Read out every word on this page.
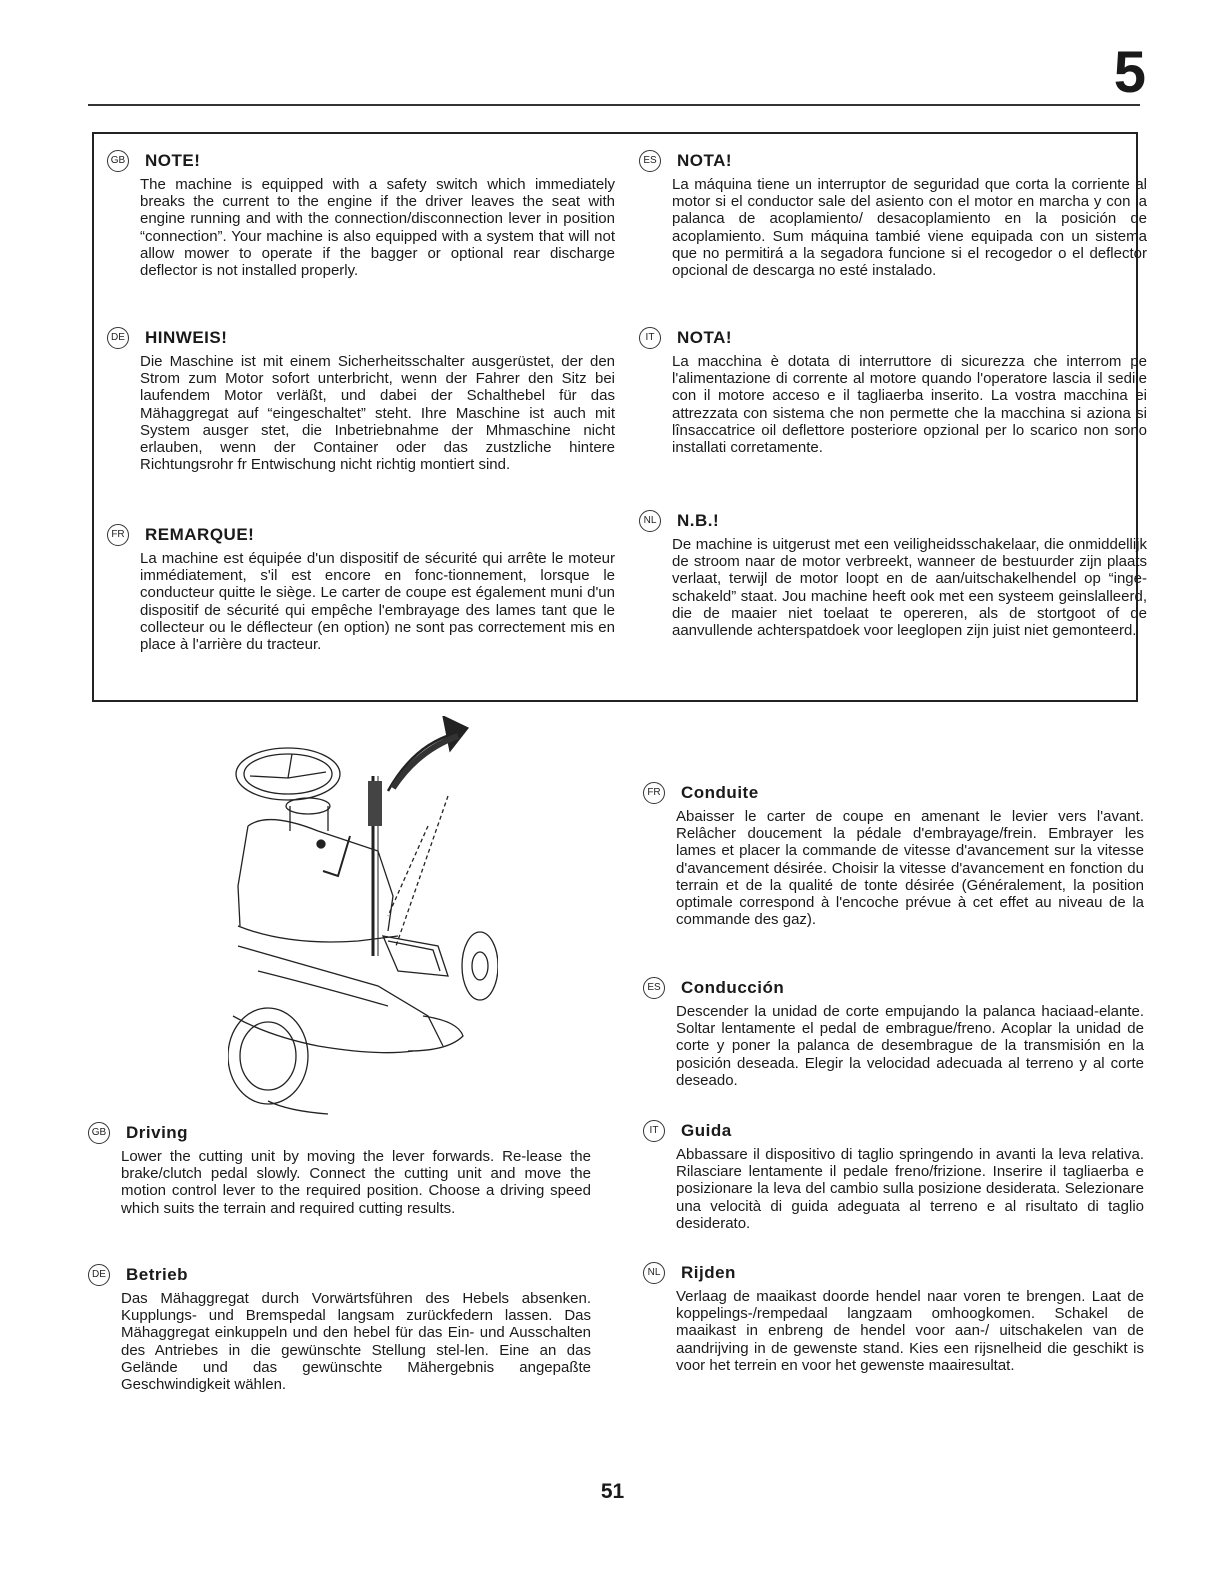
5
GB NOTE!

The machine is equipped with a safety switch which immediately breaks the current to the engine if the driver leaves the seat with engine running and with the connection/disconnection lever in position “connection”. Your machine is also equipped with a system that will not allow mower to operate if the bagger or optional rear discharge deflector is not installed properly.

DE HINWEIS!

Die Maschine ist mit einem Sicherheitsschalter ausgerüstet, der den Strom zum Motor sofort unterbricht, wenn der Fahrer den Sitz bei laufendem Motor verläßt, und dabei der Schalthebel für das Mähaggregat auf “eingeschaltet” steht. Ihre Maschine ist auch mit System ausger stet, die Inbetriebnahme der Mhmaschine nicht erlauben, wenn der Container oder das zustzliche hintere Richtungsrohr fr Entwischung nicht richtig montiert sind.

FR REMARQUE!

La machine est équipée d'un dispositif de sécurité qui arrête le moteur immédiatement, s'il est encore en fonc-tionnement, lorsque le conducteur quitte le siège. Le carter de coupe est également muni d'un dispositif de sécurité qui empêche l'embrayage des lames tant que le collecteur ou le déflecteur (en option) ne sont pas correctement mis en place à l'arrière du tracteur.

ES NOTA!

La máquina tiene un interruptor de seguridad que corta la corriente al motor si el conductor sale del asiento con el motor en marcha y con la palanca de acoplamiento/ desacoplamiento en la posición de acoplamiento. Sum máquina tambié viene equipada con un sistema que no permitirá a la segadora funcione si el recogedor o el deflector opcional de descarga no esté instalado.

IT	NOTA!

La macchina è dotata di interruttore di sicurezza che interrom pe l'alimentazione di corrente al motore quando l'operatore lascia il sedile con il motore acceso e il tagliaerba inserito. La vostra macchina ei attrezzata con sistema che non permette che la macchina si aziona si lînsaccatrice oil deflettore posteriore opzional per lo scarico non sono installati corretamente.

NL N.B.!

De machine is uitgerust met een veiligheidsschakelaar, die onmiddellijk de stroom naar de motor verbreekt, wanneer de bestuurder zijn plaats verlaat, terwijl de motor loopt en de aan/uitschakelhendel op “inge-schakeld” staat. Jou machine heeft ook met een systeem geinslalleerd, die de maaier niet toelaat te opereren, als de stortgoot of de aanvullende achterspatdoek voor leeglopen zijn juist niet gemonteerd.

GB Driving

Lower the cutting unit by moving the lever forwards. Re-lease the brake/clutch pedal slowly. Connect the cutting unit and move the motion control lever to the required position. Choose a driving speed which suits the terrain and required cutting results.

DE Betrieb

Das Mähaggregat durch Vorwärtsführen des Hebels absenken. Kupplungs- und Bremspedal langsam zurückfedern lassen. Das Mähaggregat einkuppeln und den hebel für das Ein- und Ausschalten des Antriebes in die gewünschte Stellung stel-len. Eine an das Gelände und das gewünschte Mähergebnis angepaßte Geschwindigkeit wählen.

FR Conduite

Abaisser le carter de coupe en amenant le levier vers l'avant. Relâcher doucement la pédale d'embrayage/frein. Embrayer les lames et placer la commande de vitesse d'avancement sur la vitesse d'avancement désirée. Choisir la vitesse d'avancement en fonction du terrain et de la qualité de tonte désirée (Généralement, la position optimale correspond à l'encoche prévue à cet effet au niveau de la commande des gaz).

ES Conducción

Descender la unidad de corte empujando la palanca haciaad-elante. Soltar lentamente el pedal de embrague/freno. Acoplar la unidad de corte y poner la palanca de desembrague de la transmisión en la posición deseada. Elegir la velocidad adecuada al terreno y al corte deseado.

IT	Guida

Abbassare il dispositivo di taglio springendo in avanti la leva relativa. Rilasciare lentamente il pedale freno/frizione. Inserire il tagliaerba e posizionare la leva del cambio sulla posizione desiderata. Selezionare una velocità di guida adeguata al terreno e al risultato di taglio desiderato.

NL Rijden

Verlaag de maaikast doorde hendel naar voren te brengen. Laat de koppelings-/rempedaal langzaam omhoogkomen. Schakel de maaikast in enbreng de hendel voor aan-/ uitschakelen van de aandrijving in de gewenste stand. Kies een rijsnelheid die geschikt is voor het terrein en voor het gewenste maairesultat.

51
